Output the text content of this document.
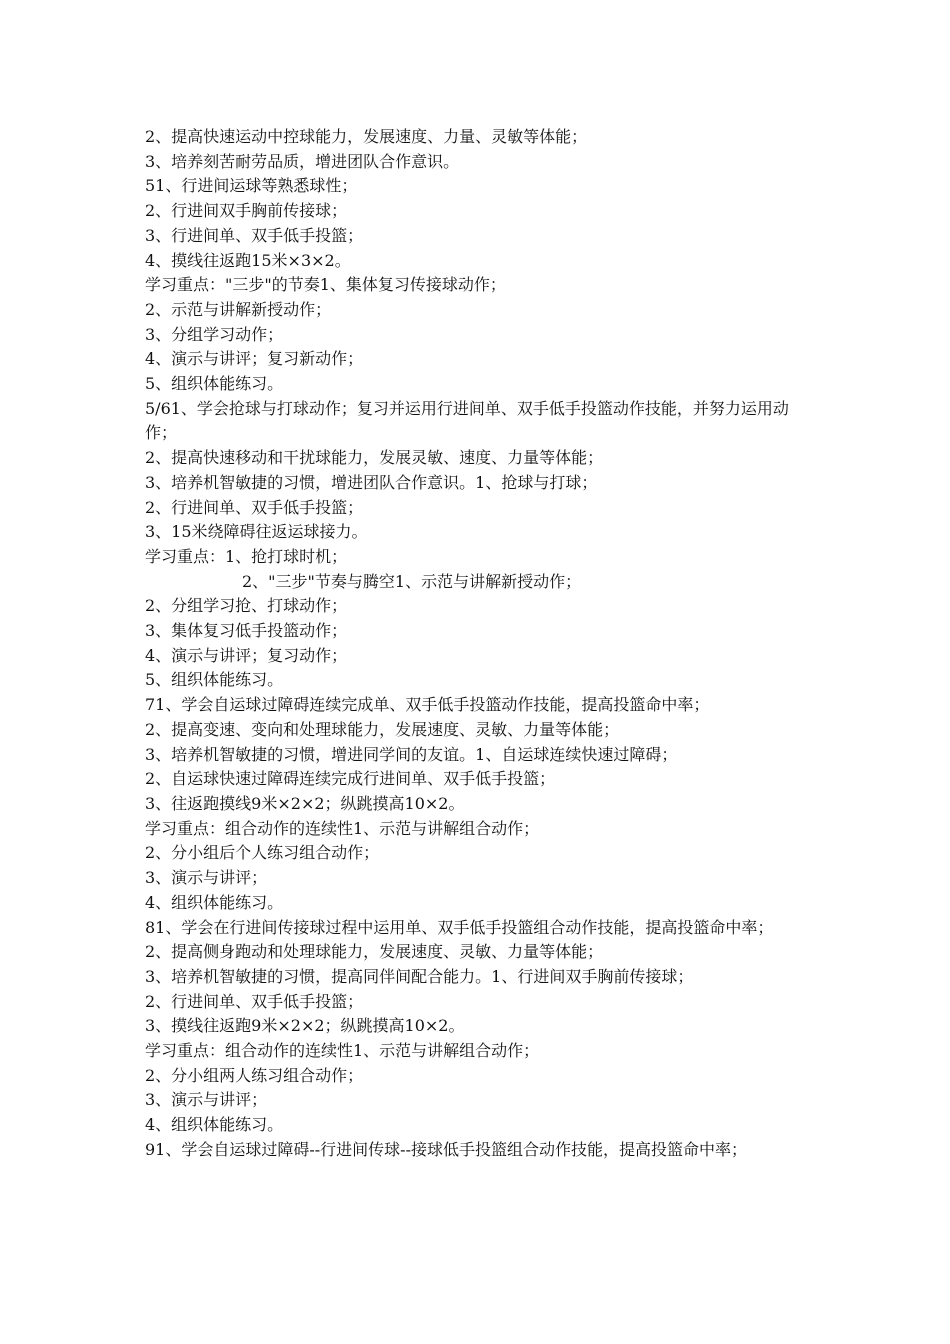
2、提高快速运动中控球能力，发展速度、力量、灵敏等体能；

3、培养刻苦耐劳品质，增进团队合作意识。

51、行进间运球等熟悉球性；

2、行进间双手胸前传接球；

3、行进间单、双手低手投篮；

4、摸线往返跑15米×3×2。

学习重点："三步"的节奏1、集体复习传接球动作；

2、示范与讲解新授动作；

3、分组学习动作；

4、演示与讲评；复习新动作；

5、组织体能练习。

5/61、学会抢球与打球动作；复习并运用行进间单、双手低手投篮动作技能，并努力运用动作；

2、提高快速移动和干扰球能力，发展灵敏、速度、力量等体能；

3、培养机智敏捷的习惯，增进团队合作意识。1、抢球与打球；

2、行进间单、双手低手投篮；

3、15米绕障碍往返运球接力。

学习重点：1、抢打球时机；

2、"三步"节奏与腾空1、示范与讲解新授动作；

2、分组学习抢、打球动作；

3、集体复习低手投篮动作；

4、演示与讲评；复习动作；

5、组织体能练习。

71、学会自运球过障碍连续完成单、双手低手投篮动作技能，提高投篮命中率；

2、提高变速、变向和处理球能力，发展速度、灵敏、力量等体能；

3、培养机智敏捷的习惯，增进同学间的友谊。1、自运球连续快速过障碍；

2、自运球快速过障碍连续完成行进间单、双手低手投篮；

3、往返跑摸线9米×2×2；纵跳摸高10×2。

学习重点：组合动作的连续性1、示范与讲解组合动作；

2、分小组后个人练习组合动作；

3、演示与讲评；

4、组织体能练习。

81、学会在行进间传接球过程中运用单、双手低手投篮组合动作技能，提高投篮命中率；

2、提高侧身跑动和处理球能力，发展速度、灵敏、力量等体能；

3、培养机智敏捷的习惯，提高同伴间配合能力。1、行进间双手胸前传接球；

2、行进间单、双手低手投篮；

3、摸线往返跑9米×2×2；纵跳摸高10×2。

学习重点：组合动作的连续性1、示范与讲解组合动作；

2、分小组两人练习组合动作；

3、演示与讲评；

4、组织体能练习。

91、学会自运球过障碍--行进间传球--接球低手投篮组合动作技能，提高投篮命中率；
